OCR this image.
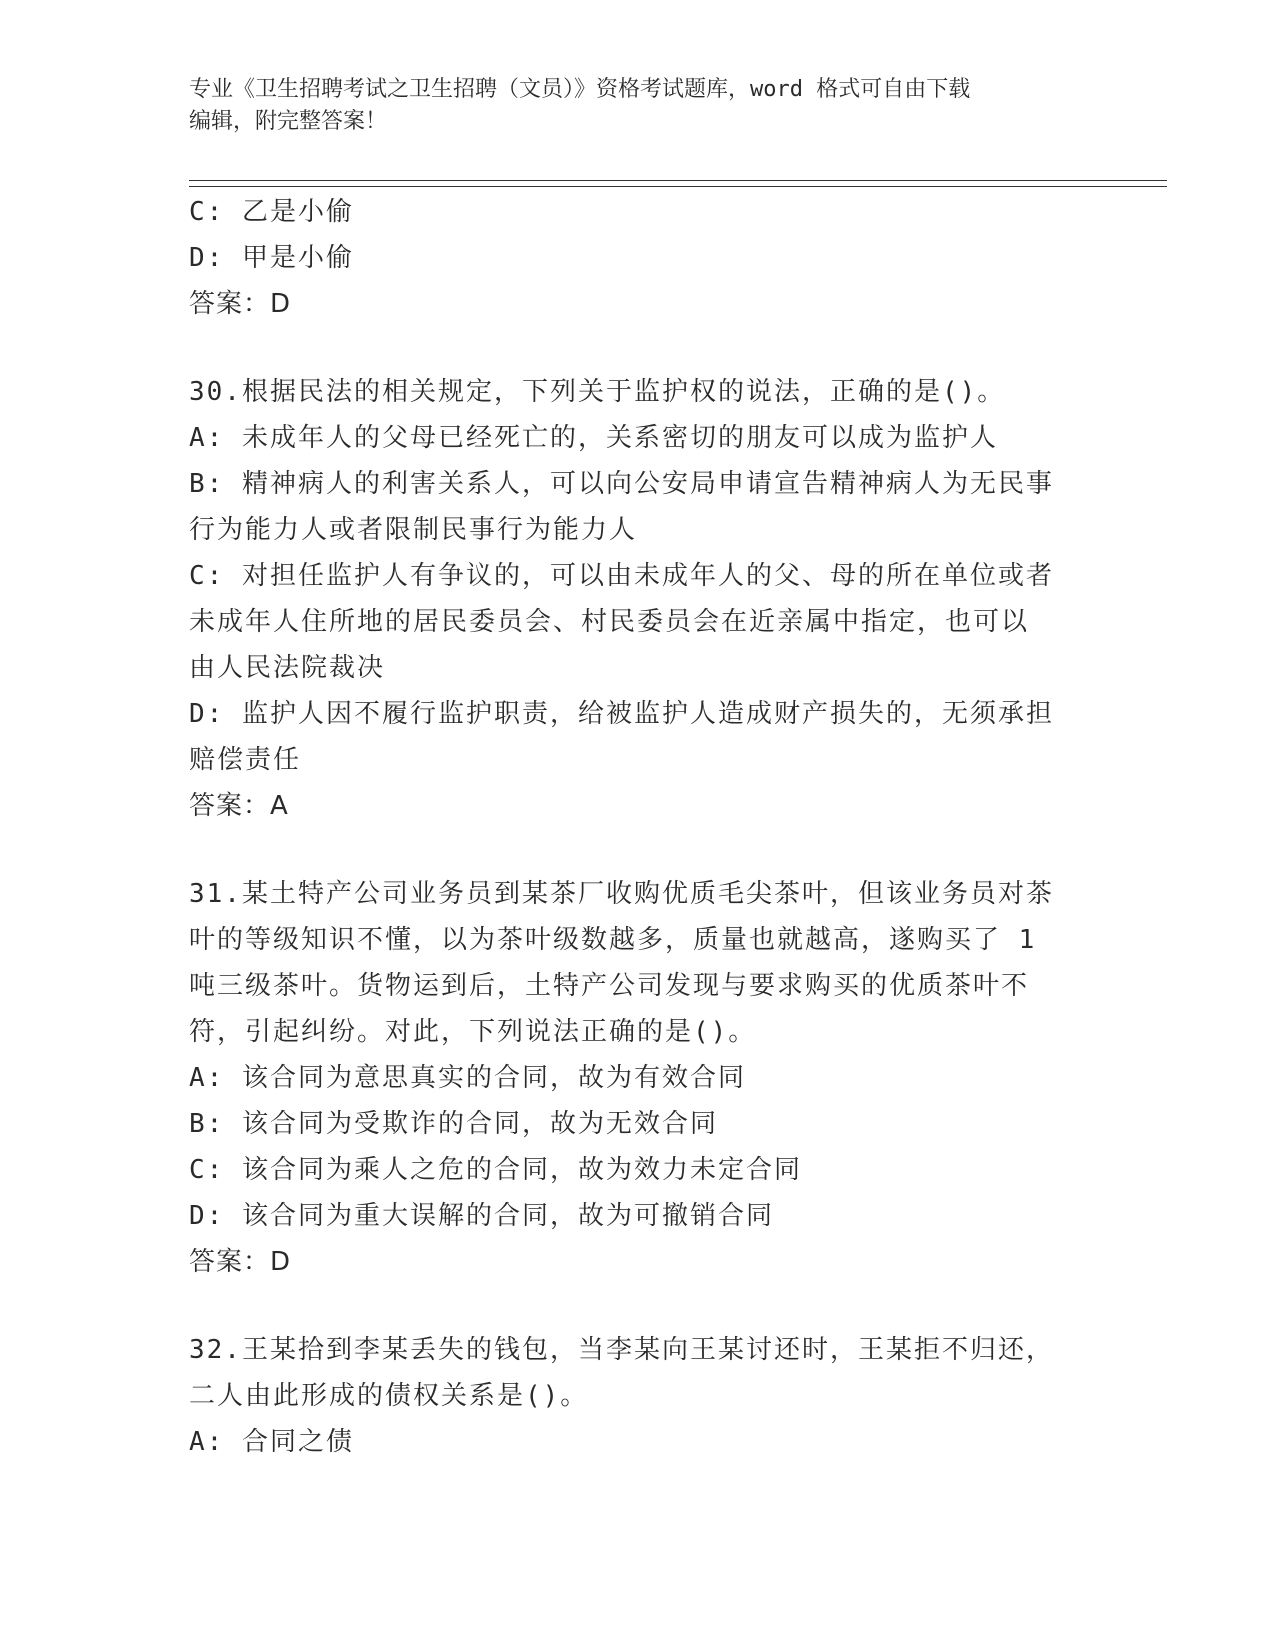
专业《卫生招聘考试之卫生招聘（文员）》资格考试题库，word 格式可自由下载
编辑，附完整答案！
C: 乙是小偷
D: 甲是小偷
答案：D
30.根据民法的相关规定，下列关于监护权的说法，正确的是()。
A: 未成年人的父母已经死亡的，关系密切的朋友可以成为监护人
B: 精神病人的利害关系人，可以向公安局申请宣告精神病人为无民事
行为能力人或者限制民事行为能力人
C: 对担任监护人有争议的，可以由未成年人的父、母的所在单位或者
未成年人住所地的居民委员会、村民委员会在近亲属中指定，也可以
由人民法院裁决
D: 监护人因不履行监护职责，给被监护人造成财产损失的，无须承担
赔偿责任
答案：A
31.某土特产公司业务员到某茶厂收购优质毛尖茶叶，但该业务员对茶
叶的等级知识不懂，以为茶叶级数越多，质量也就越高，遂购买了 1
吨三级茶叶。货物运到后，土特产公司发现与要求购买的优质茶叶不
符，引起纠纷。对此，下列说法正确的是()。
A: 该合同为意思真实的合同，故为有效合同
B: 该合同为受欺诈的合同，故为无效合同
C: 该合同为乘人之危的合同，故为效力未定合同
D: 该合同为重大误解的合同，故为可撤销合同
答案：D
32.王某拾到李某丢失的钱包，当李某向王某讨还时，王某拒不归还，
二人由此形成的债权关系是()。
A: 合同之债
